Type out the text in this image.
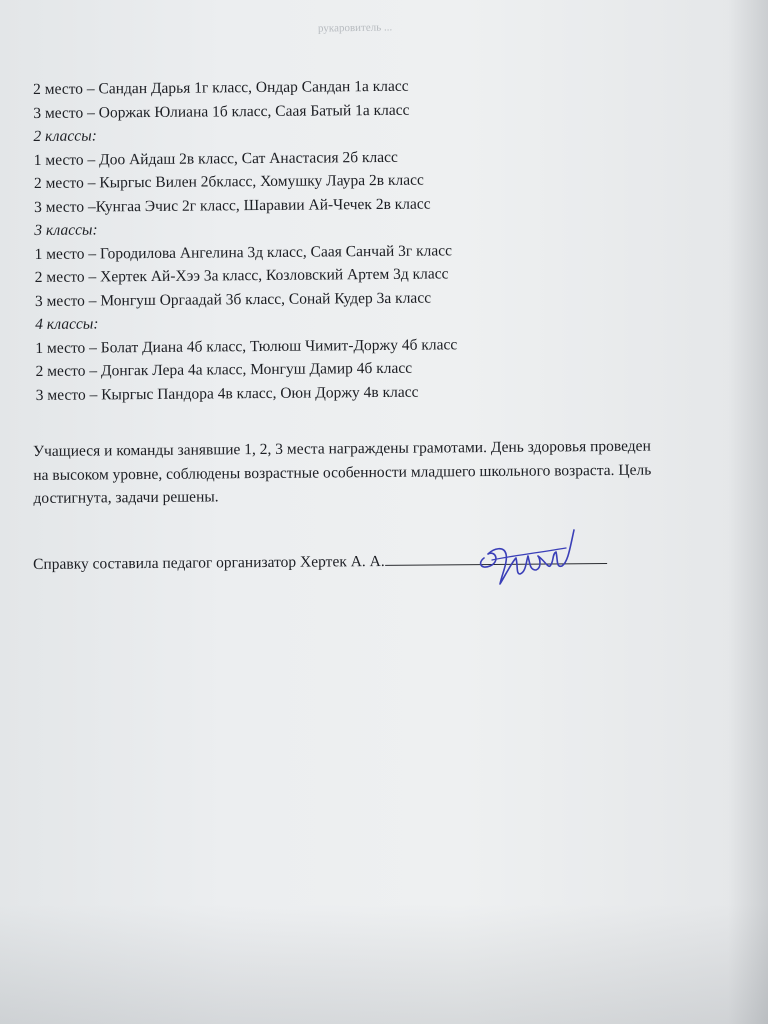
рукаровитель ...
2 место – Сандан Дарья 1г класс, Ондар Сандан 1а класс
3 место – Ооржак Юлиана 1б класс, Саая Батый 1а класс
2 классы:
1 место – Доо Айдаш 2в класс, Сат Анастасия 2б класс
2 место – Кыргыс Вилен 2бкласс, Хомушку Лаура 2в класс
3 место –Кунгаа Эчис 2г класс, Шаравии Ай-Чечек 2в класс
3 классы:
1 место – Городилова Ангелина 3д класс, Саая Санчай 3г класс
2 место – Хертек Ай-Хээ 3а класс, Козловский Артем 3д класс
3 место – Монгуш Оргаадай 3б класс, Сонай Кудер 3а класс
4 классы:
1 место – Болат Диана 4б класс, Тюлюш Чимит-Доржу 4б класс
2 место – Донгак Лера 4а класс, Монгуш Дамир 4б класс
3 место – Кыргыс Пандора 4в класс, Оюн Доржу 4в класс
Учащиеся и команды занявшие 1, 2, 3 места награждены грамотами. День здоровья проведен
на высоком уровне, соблюдены возрастные особенности младшего школьного возраста. Цель
достигнута, задачи решены.
Справку составила педагог организатор Хертек А. А.
